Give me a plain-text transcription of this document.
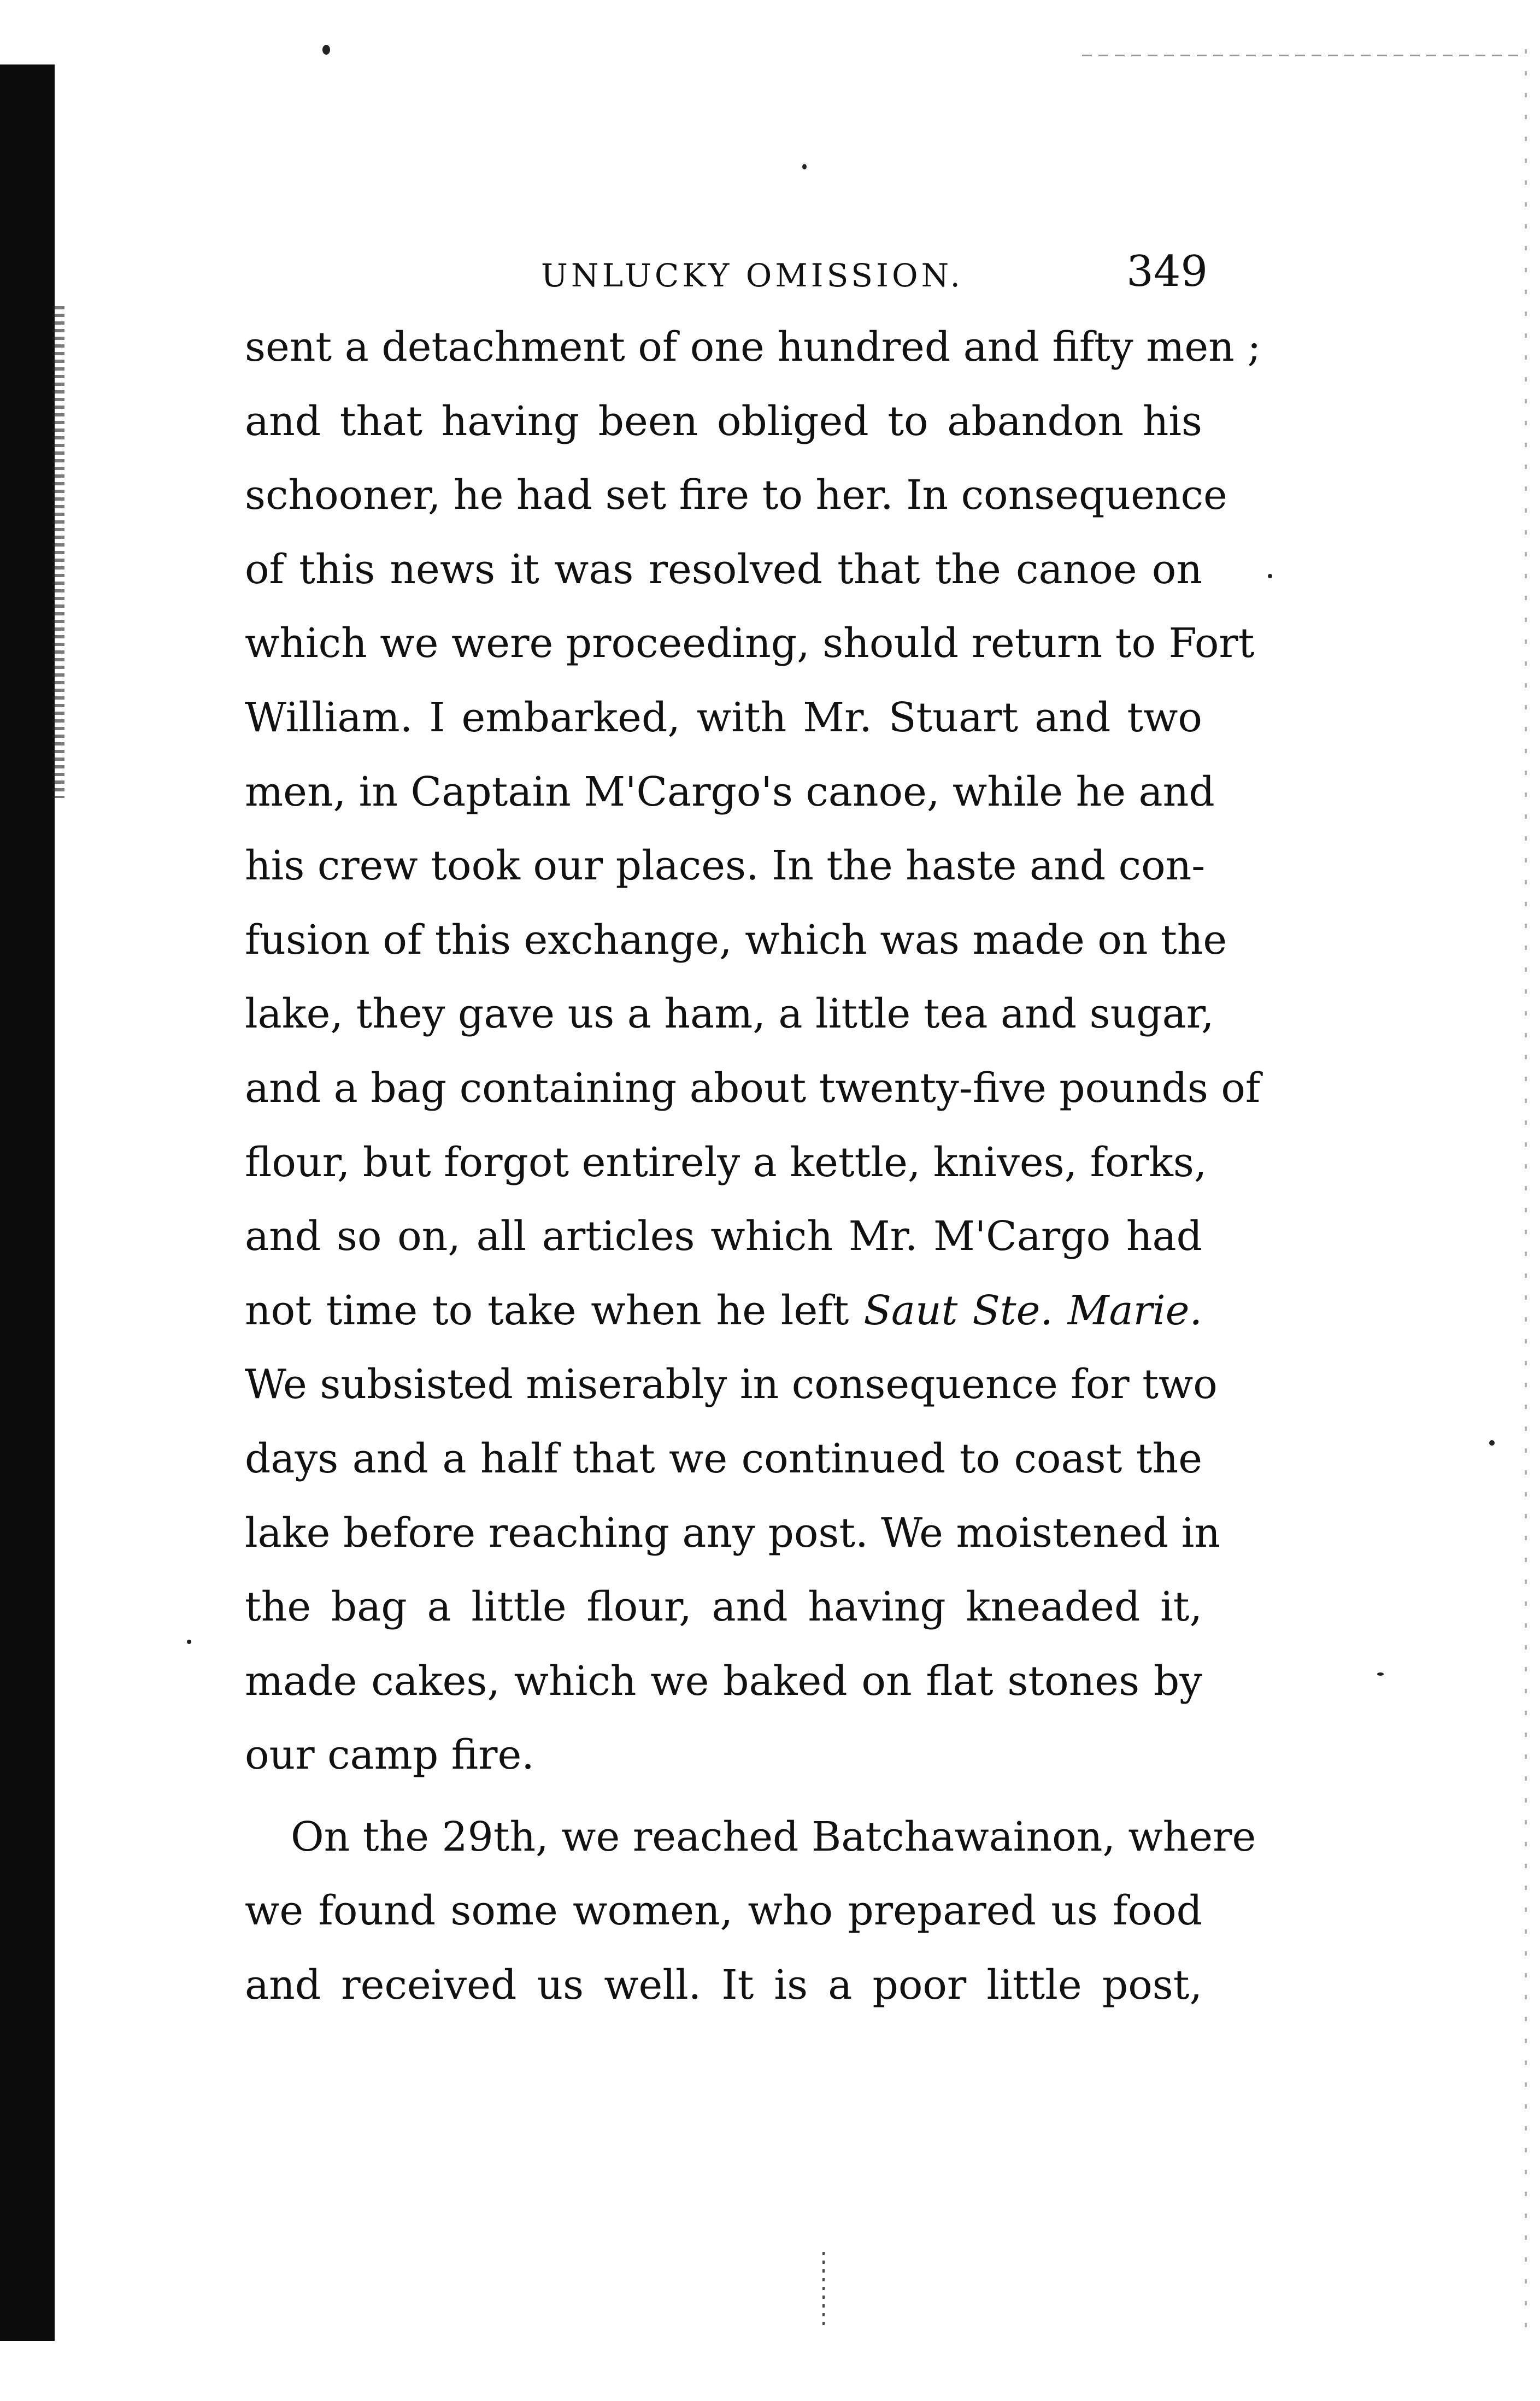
UNLUCKY OMISSION.	349
sent a detachment of one hundred and fifty men ;
and that having been obliged to abandon his
schooner, he had set fire to her. In consequence
of this news it was resolved that the canoe on
which we were proceeding, should return to Fort
William. I embarked, with Mr. Stuart and two
men, in Captain M'Cargo's canoe, while he and
his crew took our places. In the haste and con-
fusion of this exchange, which was made on the
lake, they gave us a ham, a little tea and sugar,
and a bag containing about twenty-five pounds of
flour, but forgot entirely a kettle, knives, forks,
and so on, all articles which Mr. M'Cargo had
not time to take when he left Saut Ste. Marie.
We subsisted miserably in consequence for two
days and a half that we continued to coast the
lake before reaching any post. We moistened in
the bag a little flour, and having kneaded it,
made cakes, which we baked on flat stones by
our camp fire.
On the 29th, we reached Batchawainon, where
we found some women, who prepared us food
and received us well. It is a poor little post,
